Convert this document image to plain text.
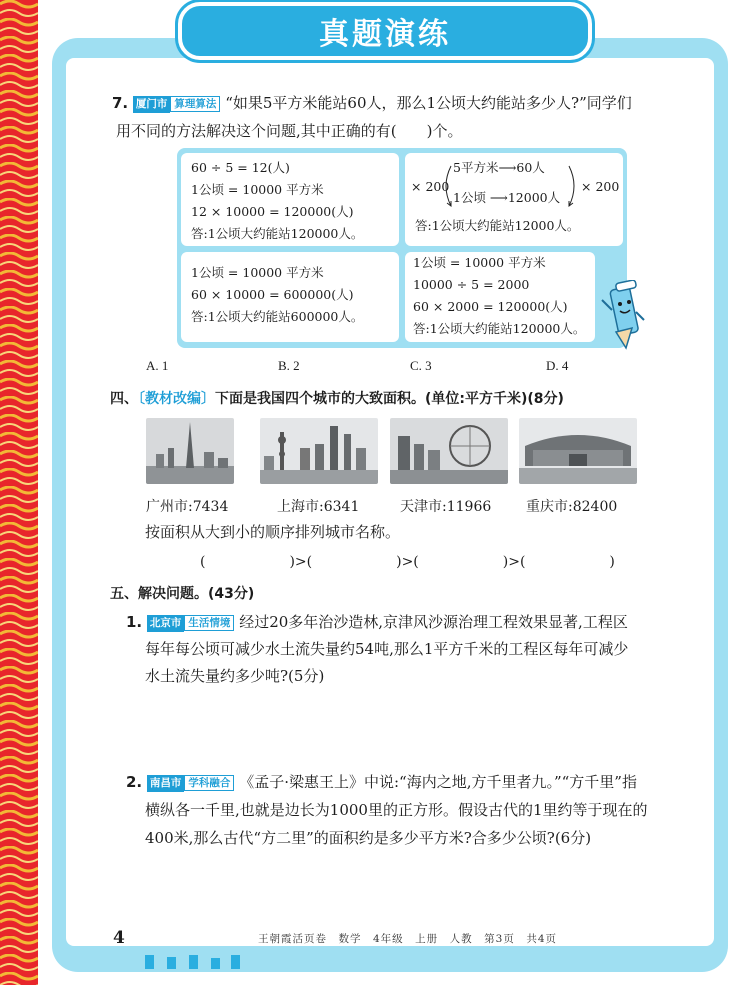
真题演练
7. 厦门市 算理算法 “如果5平方米能站60人，那么1公顷大约能站多少人?”同学们
用不同的方法解决这个问题,其中正确的有(　　)个。
60 ÷ 5 = 12(人)
1公顷 = 10000 平方米
12 × 10000 = 120000(人)
答:1公顷大约能站120000人。
× 200
5平方米⟶60人
1公顷 ⟶12000人
× 200
答:1公顷大约能站12000人。
1公顷 = 10000 平方米
60 × 10000 = 600000(人)
答:1公顷大约能站600000人。
1公顷 = 10000 平方米
10000 ÷ 5 = 2000
60 × 2000 = 120000(人)
答:1公顷大约能站120000人。
A. 1	B. 2	C. 3	D. 4
四、〔教材改编〕下面是我国四个城市的大致面积。(单位:平方千米)(8分)
广州市:7434	上海市:6341	天津市:11966 重庆市:82400
按面积从大到小的顺序排列城市名称。
(　　　　　　)>(　　　　　　)>(　　　　　　)>(　　　　　　)
五、解决问题。(43分)
1. 北京市 生活情境 经过20多年治沙造林,京津风沙源治理工程效果显著,工程区
每年每公顷可减少水土流失量约54吨,那么1平方千米的工程区每年可减少
水土流失量约多少吨?(5分)
2. 南昌市 学科融合 《孟子·梁惠王上》中说:“海内之地,方千里者九。”“方千里”指
横纵各一千里,也就是边长为1000里的正方形。假设古代的1里约等于现在的
400米,那么古代“方二里”的面积约是多少平方米?合多少公顷?(6分)
4	王朝霞活页卷　数学　4年级　上册　人教　第3页　共4页
